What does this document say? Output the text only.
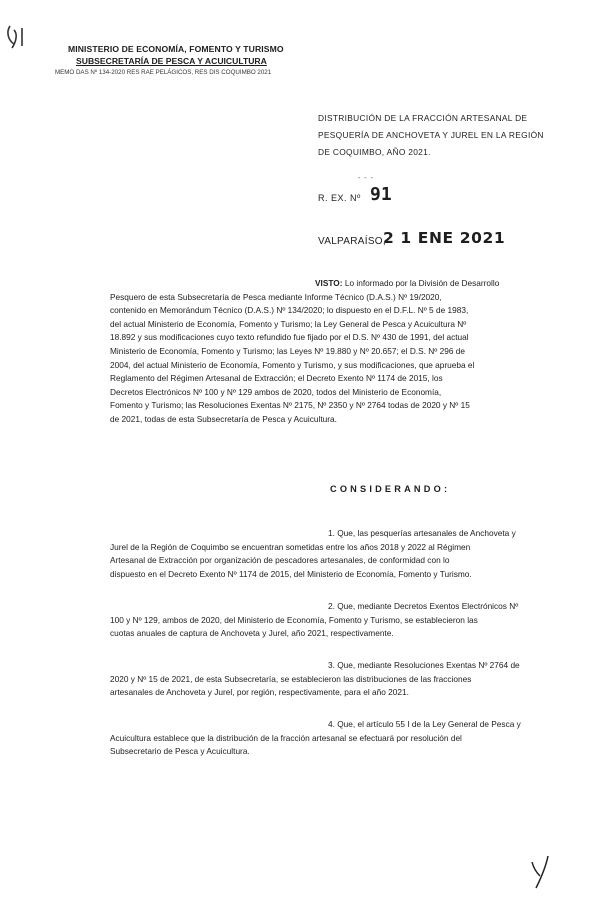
MINISTERIO DE ECONOMÍA, FOMENTO Y TURISMO
SUBSECRETARÍA DE PESCA Y ACUICULTURA
MEMO DAS Nº 134-2020 RES RAE PELÁGICOS, RES DIS COQUIMBO 2021
DISTRIBUCIÓN DE LA FRACCIÓN ARTESANAL DE
PESQUERÍA DE ANCHOVETA Y JUREL EN LA REGIÓN
DE COQUIMBO, AÑO 2021.
- - -
R. EX. Nº 91
VALPARAÍSO,
2 1 ENE 2021
VISTO: Lo informado por la División de Desarrollo
Pesquero de esta Subsecretaría de Pesca mediante Informe Técnico (D.A.S.) Nº 19/2020,
contenido en Memorándum Técnico (D.A.S.) Nº 134/2020; lo dispuesto en el D.F.L. Nº 5 de 1983,
del actual Ministerio de Economía, Fomento y Turismo; la Ley General de Pesca y Acuicultura Nº
18.892 y sus modificaciones cuyo texto refundido fue fijado por el D.S. Nº 430 de 1991, del actual
Ministerio de Economía, Fomento y Turismo; las Leyes Nº 19.880 y Nº 20.657; el D.S. Nº 296 de
2004, del actual Ministerio de Economía, Fomento y Turismo, y sus modificaciones, que aprueba el
Reglamento del Régimen Artesanal de Extracción; el Decreto Exento Nº 1174 de 2015, los
Decretos Electrónicos Nº 100 y Nº 129 ambos de 2020, todos del Ministerio de Economía,
Fomento y Turismo; las Resoluciones Exentas Nº 2175, Nº 2350 y Nº 2764 todas de 2020 y Nº 15
de 2021, todas de esta Subsecretaría de Pesca y Acuicultura.
CONSIDERANDO:
1. Que, las pesquerías artesanales de Anchoveta y
Jurel de la Región de Coquimbo se encuentran sometidas entre los años 2018 y 2022 al Régimen
Artesanal de Extracción por organización de pescadores artesanales, de conformidad con lo
dispuesto en el Decreto Exento Nº 1174 de 2015, del Ministerio de Economía, Fomento y Turismo.
2. Que, mediante Decretos Exentos Electrónicos Nº
100 y Nº 129, ambos de 2020, del Ministerio de Economía, Fomento y Turismo, se establecieron las
cuotas anuales de captura de Anchoveta y Jurel, año 2021, respectivamente.
3. Que, mediante Resoluciones Exentas Nº 2764 de
2020 y Nº 15 de 2021, de esta Subsecretaría, se establecieron las distribuciones de las fracciones
artesanales de Anchoveta y Jurel, por región, respectivamente, para el año 2021.
4. Que, el artículo 55 I de la Ley General de Pesca y
Acuicultura establece que la distribución de la fracción artesanal se efectuará por resolución del
Subsecretario de Pesca y Acuicultura.
